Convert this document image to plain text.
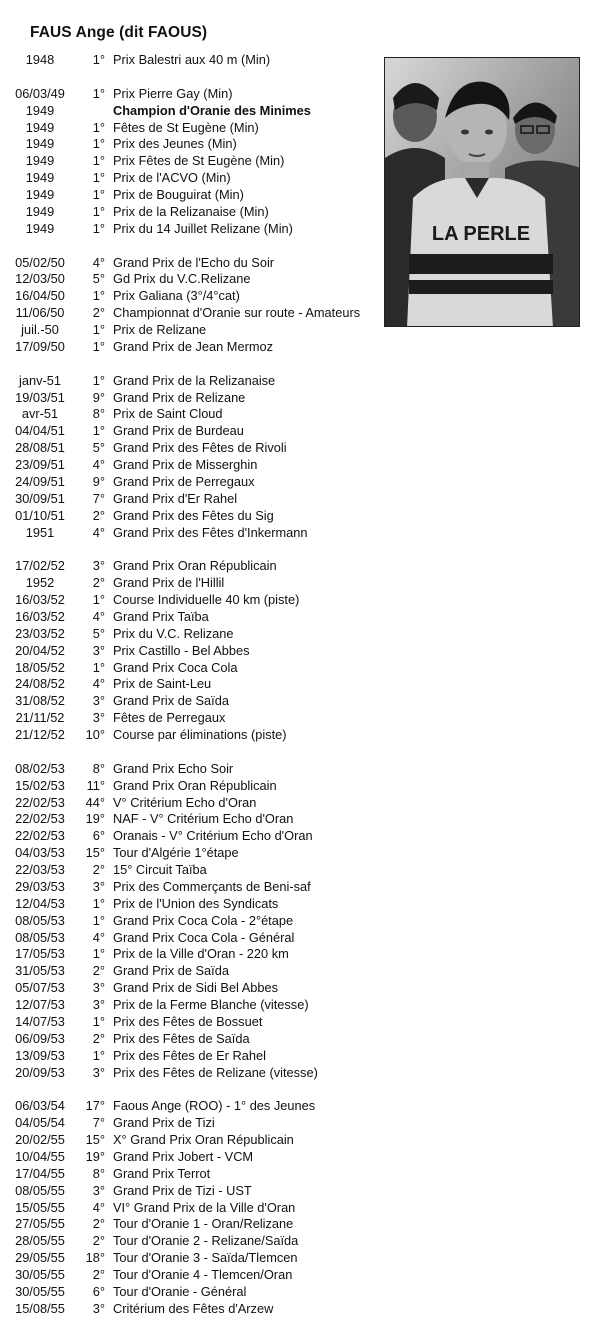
FAUS Ange (dit FAOUS)
1948	1° Prix Balestri aux 40 m (Min)
06/03/49	1° Prix Pierre Gay (Min)
1949	Champion d'Oranie des Minimes
1949	1° Fêtes de St Eugène (Min)
1949	1° Prix des Jeunes (Min)
1949	1° Prix Fêtes de St Eugène (Min)
1949	1° Prix de l'ACVO (Min)
1949	1° Prix de Bouguirat (Min)
1949	1° Prix de la Relizanaise (Min)
1949	1° Prix du 14 Juillet Relizane (Min)
05/02/50	4° Grand Prix de l'Echo du Soir
12/03/50	5° Gd Prix du V.C.Relizane
16/04/50	1° Prix Galiana (3°/4°cat)
11/06/50	2° Championnat d'Oranie sur route - Amateurs
juil.-50	1° Prix de Relizane
17/09/50	1° Grand Prix de Jean Mermoz
janv-51	1° Grand Prix de la Relizanaise
19/03/51	9° Grand Prix de Relizane
avr-51	8° Prix de Saint Cloud
04/04/51	1° Grand Prix de Burdeau
28/08/51	5° Grand Prix des Fêtes de Rivoli
23/09/51	4° Grand Prix de Misserghin
24/09/51	9° Grand Prix de Perregaux
30/09/51	7° Grand Prix d'Er Rahel
01/10/51	2° Grand Prix des Fêtes du Sig
1951	4° Grand Prix des Fêtes d'Inkermann
17/02/52	3° Grand Prix Oran Républicain
1952	2° Grand Prix de l'Hillil
16/03/52	1° Course Individuelle 40 km (piste)
16/03/52	4° Grand Prix Taïba
23/03/52	5° Prix du V.C. Relizane
20/04/52	3° Prix Castillo - Bel Abbes
18/05/52	1° Grand Prix Coca Cola
24/08/52	4° Prix de Saint-Leu
31/08/52	3° Grand Prix de Saïda
21/11/52	3° Fêtes de Perregaux
21/12/52	10° Course par éliminations (piste)
08/02/53	8° Grand Prix Echo Soir
15/02/53	11° Grand Prix Oran Républicain
22/02/53	44° V° Critérium Echo d'Oran
22/02/53	19° NAF - V° Critérium Echo d'Oran
22/02/53	6° Oranais - V° Critérium Echo d'Oran
04/03/53	15° Tour d'Algérie 1°étape
22/03/53	2° 15° Circuit Taïba
29/03/53	3° Prix des Commerçants de Beni-saf
12/04/53	1° Prix de l'Union des Syndicats
08/05/53	1° Grand Prix Coca Cola - 2°étape
08/05/53	4° Grand Prix Coca Cola - Général
17/05/53	1° Prix de la Ville d'Oran - 220 km
31/05/53	2° Grand Prix de Saïda
05/07/53	3° Grand Prix de Sidi Bel Abbes
12/07/53	3° Prix de la Ferme Blanche (vitesse)
14/07/53	1° Prix des Fêtes de Bossuet
06/09/53	2° Prix des Fêtes de Saïda
13/09/53	1° Prix des Fêtes de Er Rahel
20/09/53	3° Prix des Fêtes de Relizane (vitesse)
06/03/54	17° Faous Ange (ROO) - 1° des Jeunes
04/05/54	7° Grand Prix de Tizi
20/02/55	15° X° Grand Prix Oran Républicain
10/04/55	19° Grand Prix Jobert - VCM
17/04/55	8° Grand Prix Terrot
08/05/55	3° Grand Prix de Tizi - UST
15/05/55	4° VI° Grand Prix de la Ville d'Oran
27/05/55	2° Tour d'Oranie 1 - Oran/Relizane
28/05/55	2° Tour d'Oranie 2 - Relizane/Saïda
29/05/55	18° Tour d'Oranie 3 - Saïda/Tlemcen
30/05/55	2° Tour d'Oranie 4 - Tlemcen/Oran
30/05/55	6° Tour d'Oranie - Général
15/08/55	3° Critérium des Fêtes d'Arzew
LA PERLE
